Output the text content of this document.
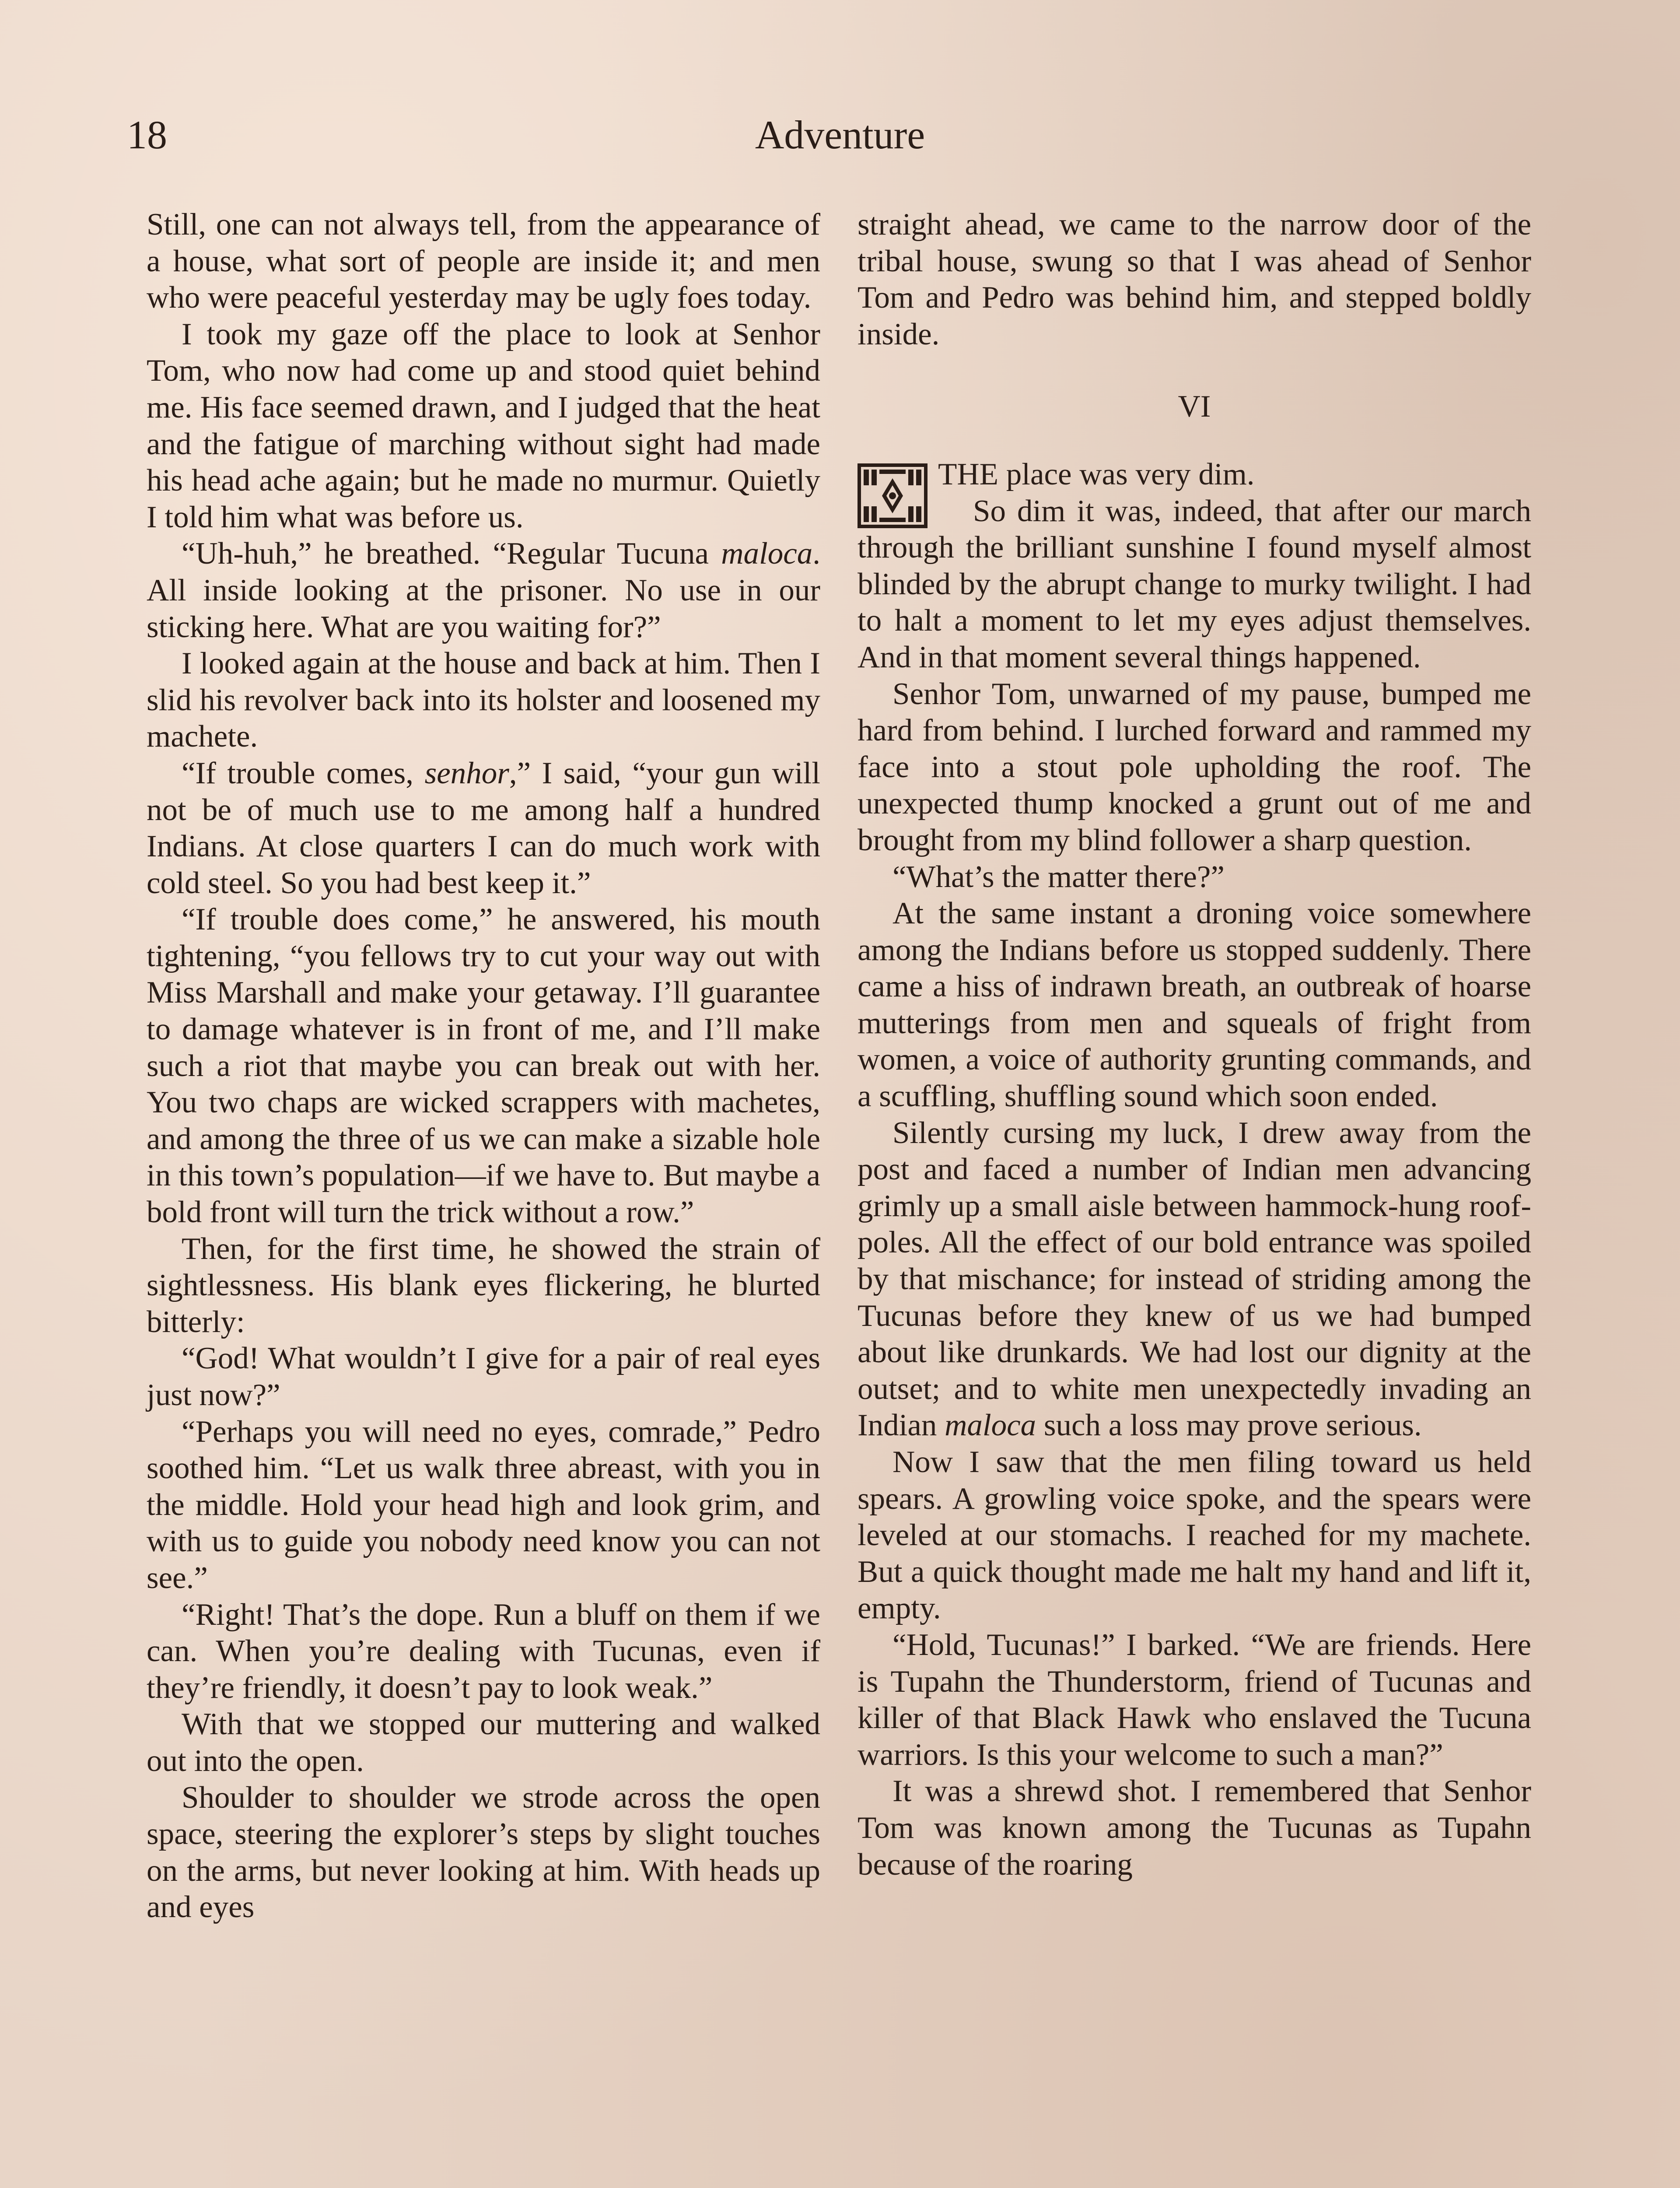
18	Adventure

Still, one can not always tell, from the appearance of a house, what sort of people are inside it; and men who were peaceful yesterday may be ugly foes today.

I took my gaze off the place to look at Senhor Tom, who now had come up and stood quiet behind me. His face seemed drawn, and I judged that the heat and the fatigue of marching without sight had made his head ache again; but he made no murmur. Quietly I told him what was before us.

“Uh-huh,” he breathed. “Regular Tucuna maloca. All inside looking at the prisoner. No use in our sticking here. What are you waiting for?”

I looked again at the house and back at him. Then I slid his revolver back into its holster and loosened my machete.

“If trouble comes, senhor,” I said, “your gun will not be of much use to me among half a hundred Indians. At close quarters I can do much work with cold steel. So you had best keep it.”

“If trouble does come,” he answered, his mouth tightening, “you fellows try to cut your way out with Miss Marshall and make your getaway. I’ll guarantee to damage whatever is in front of me, and I’ll make such a riot that maybe you can break out with her. You two chaps are wicked scrappers with machetes, and among the three of us we can make a sizable hole in this town’s population—if we have to. But maybe a bold front will turn the trick without a row.”

Then, for the first time, he showed the strain of sightlessness. His blank eyes flickering, he blurted bitterly:

“God! What wouldn’t I give for a pair of real eyes just now?”

“Perhaps you will need no eyes, comrade,” Pedro soothed him. “Let us walk three abreast, with you in the middle. Hold your head high and look grim, and with us to guide you nobody need know you can not see.”

“Right! That’s the dope. Run a bluff on them if we can. When you’re dealing with Tucunas, even if they’re friendly, it doesn’t pay to look weak.”

With that we stopped our muttering and walked out into the open.

Shoulder to shoulder we strode across the open space, steering the explorer’s steps by slight touches on the arms, but never looking at him. With heads up and eyes

straight ahead, we came to the narrow door of the tribal house, swung so that I was ahead of Senhor Tom and Pedro was behind him, and stepped boldly inside.

VI

THE place was very dim.

So dim it was, indeed, that after our march through the brilliant sunshine I found myself almost blinded by the abrupt change to murky twilight. I had to halt a moment to let my eyes adjust themselves. And in that moment several things happened.

Senhor Tom, unwarned of my pause, bumped me hard from behind. I lurched forward and rammed my face into a stout pole upholding the roof. The unexpected thump knocked a grunt out of me and brought from my blind follower a sharp question.

“What’s the matter there?”

At the same instant a droning voice somewhere among the Indians before us stopped suddenly. There came a hiss of indrawn breath, an outbreak of hoarse mutterings from men and squeals of fright from women, a voice of authority grunting commands, and a scuffling, shuffling sound which soon ended.

Silently cursing my luck, I drew away from the post and faced a number of Indian men advancing grimly up a small aisle between hammock-hung roof-poles. All the effect of our bold entrance was spoiled by that mischance; for instead of striding among the Tucunas before they knew of us we had bumped about like drunkards. We had lost our dignity at the outset; and to white men unexpectedly invading an Indian maloca such a loss may prove serious.

Now I saw that the men filing toward us held spears. A growling voice spoke, and the spears were leveled at our stomachs. I reached for my machete. But a quick thought made me halt my hand and lift it, empty.

“Hold, Tucunas!” I barked. “We are friends. Here is Tupahn the Thunderstorm, friend of Tucunas and killer of that Black Hawk who enslaved the Tucuna warriors. Is this your welcome to such a man?”

It was a shrewd shot. I remembered that Senhor Tom was known among the Tucunas as Tupahn because of the roaring
